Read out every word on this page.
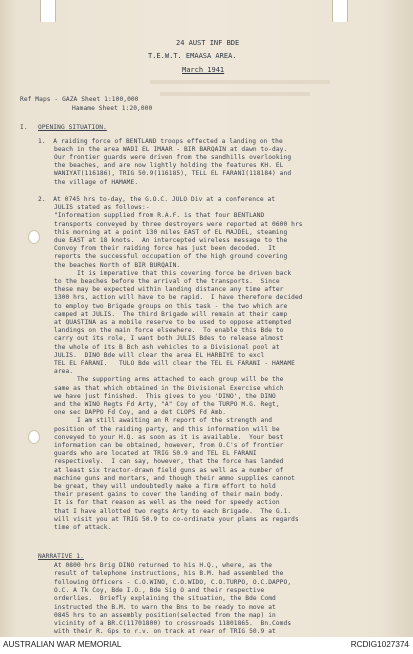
24 AUST INF BDE
T.E.W.T. EMAASA AREA.
March 1941
Ref Maps - GAZA Sheet 1:100,000
Hamame Sheet 1:20,000
I. OPENING SITUATION.
1.  A raiding force of BENTLAND troops effected a landing on the
beach in the area WADI EL IMAAR - BIR BARQAIN at dawn to-day.
Our frontier guards were driven from the sandhills overlooking
the beaches, and are now lightly holding the features KH. EL
WANIYAT(116186), TRIG 50.9(116185), TELL EL FARANI(118184) and
the village of HAMAME.
2.  At 0745 hrs to-day, the G.O.C. JULO Div at a conference at
JULIS stated as follows:-
"Information supplied from R.A.F. is that four BENTLAND
transports conveyed by three destroyers were reported at 0600 hrs
this morning at a point 130 miles EAST of EL MAJDEL, steaming
due EAST at 18 knots.  An intercepted wireless message to the
Convoy from their raiding force has just been decoded.  It
reports the successful occupation of the high ground covering
the beaches North of BIR BURQAIN.
It is imperative that this covering force be driven back
to the beaches before the arrival of the transports.  Since
these may be expected within landing distance any time after
1300 hrs, action will have to be rapid.  I have therefore decided
to employ two Brigade groups on this task - the two which are
camped at JULIS.  The third Brigade will remain at their camp
at QUASTINA as a mobile reserve to be used to oppose attempted
landings on the main force elsewhere.  To enable this Bde to
carry out its role, I want both JULIS Bdes to release almost
the whole of its B Bch ash vehicles to a Divisional pool at
JULIS.  DINO Bde will clear the area EL HARBIYE to excl
TEL EL FARANI.   TULO Bde will clear the TEL EL FARANI - HAMAME
area.
The supporting arms attached to each group will be the
same as that which obtained in the Divisional Exercise which
we have just finished.  This gives to you 'DINO', the DINO
and the WINO Regts Fd Arty, "A" Coy of the TURPO M.G. Regt,
one sec DAPPO Fd Coy, and a det CLOPS Fd Amb.
I am still awaiting an R report of the strength and
position of the raiding party, and this information will be
conveyed to your H.Q. as soon as it is available.  Your best
information can be obtained, however, from O.C's of frontier
guards who are located at TRIG 50.9 and TEL EL FARANI
respectively.  I can say, however, that the force has landed
at least six tractor-drawn field guns as well as a number of
machine guns and mortars, and though their ammo supplies cannot
be great, they will undoubtedly make a firm effort to hold
their present gains to cover the landing of their main body.
It is for that reason as well as the need for speedy action
that I have allotted two regts Arty to each Brigade.  The G.1.
will visit you at TRIG 50.9 to co-ordinate your plans as regards
time of attack.
NARRATIVE 1.
At 0800 hrs Brig DINO returned to his H.Q., where, as the
result of telephone instructions, his B.M. had assembled the
following Officers - C.O.WINO, C.O.WIDO, C.O.TURPO, O.C.DAPPO,
O.C. A Tk Coy, Bde I.O., Bde Sig O and their respective
orderlies.  Briefly explaining the situation, the Bde Comd
instructed the B.M. to warn the Bns to be ready to move at
0845 hrs to an assembly position(selected from the map) in
vicinity of a BR.C(11701800) to crossroads 11801865.  Bn.Comds
with their R. Gps to r.v. on track at rear of TRIG 50.9 at
AUSTRALIAN WAR MEMORIAL	RCDIG1027374
